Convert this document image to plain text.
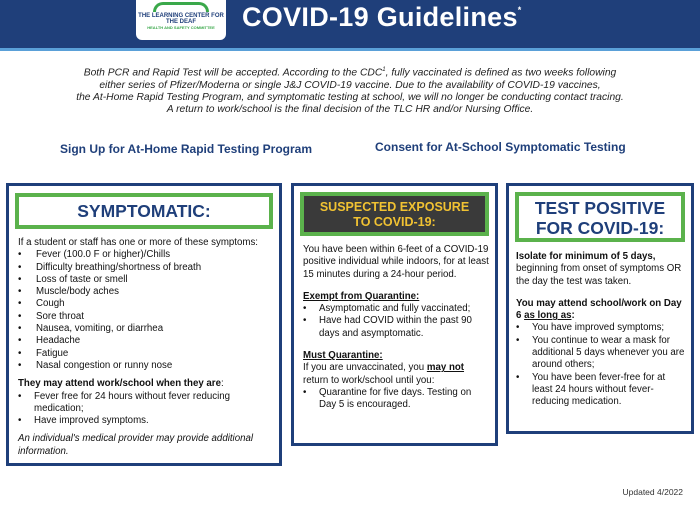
THE LEARNING CENTER FOR THE DEAF
HEALTH AND SAFETY COMMITTEE	COVID-19 Guidelines*
Both PCR and Rapid Test will be accepted. According to the CDC$^1$, fully vaccinated is defined as two weeks following
either series of Pfizer/Moderna or single J&J COVID-19 vaccine. Due to the availability of COVID-19 vaccines,
the At-Home Rapid Testing Program, and symptomatic testing at school, we will no longer be conducting contact tracing.
A return to work/school is the final decision of the TLC HR and/or Nursing Office.
Sign Up for At-Home Rapid Testing Program	Consent for At-School Symptomatic Testing
SYMPTOMATIC:
If a student or staff has one or more of these symptoms:
• Fever (100.0 F or higher)/Chills
• Difficulty breathing/shortness of breath
• Loss of taste or smell
• Muscle/body aches
• Cough
• Sore throat
• Nausea, vomiting, or diarrhea
• Headache
• Fatigue
• Nasal congestion or runny nose
They may attend work/school when they are:
• Fever free for 24 hours without fever reducing medication;
• Have improved symptoms.
An individual's medical provider may provide additional information.
SUSPECTED EXPOSURE
TO COVID-19:
You have been within 6-feet of a COVID-19 positive individual while indoors, for at least 15 minutes during a 24-hour period.
Exempt from Quarantine:
• Asymptomatic and fully vaccinated;
• Have had COVID within the past 90 days and asymptomatic.
Must Quarantine:
If you are unvaccinated, you may not return to work/school until you:
• Quarantine for five days. Testing on Day 5 is encouraged.
TEST POSITIVE
FOR COVID-19:
Isolate for minimum of 5 days, beginning from onset of symptoms OR the day the test was taken.
You may attend school/work on Day 6 as long as:
• You have improved symptoms;
• You continue to wear a mask for additional 5 days whenever you are around others;
• You have been fever-free for at least 24 hours without fever-reducing medication.
Updated 4/2022
